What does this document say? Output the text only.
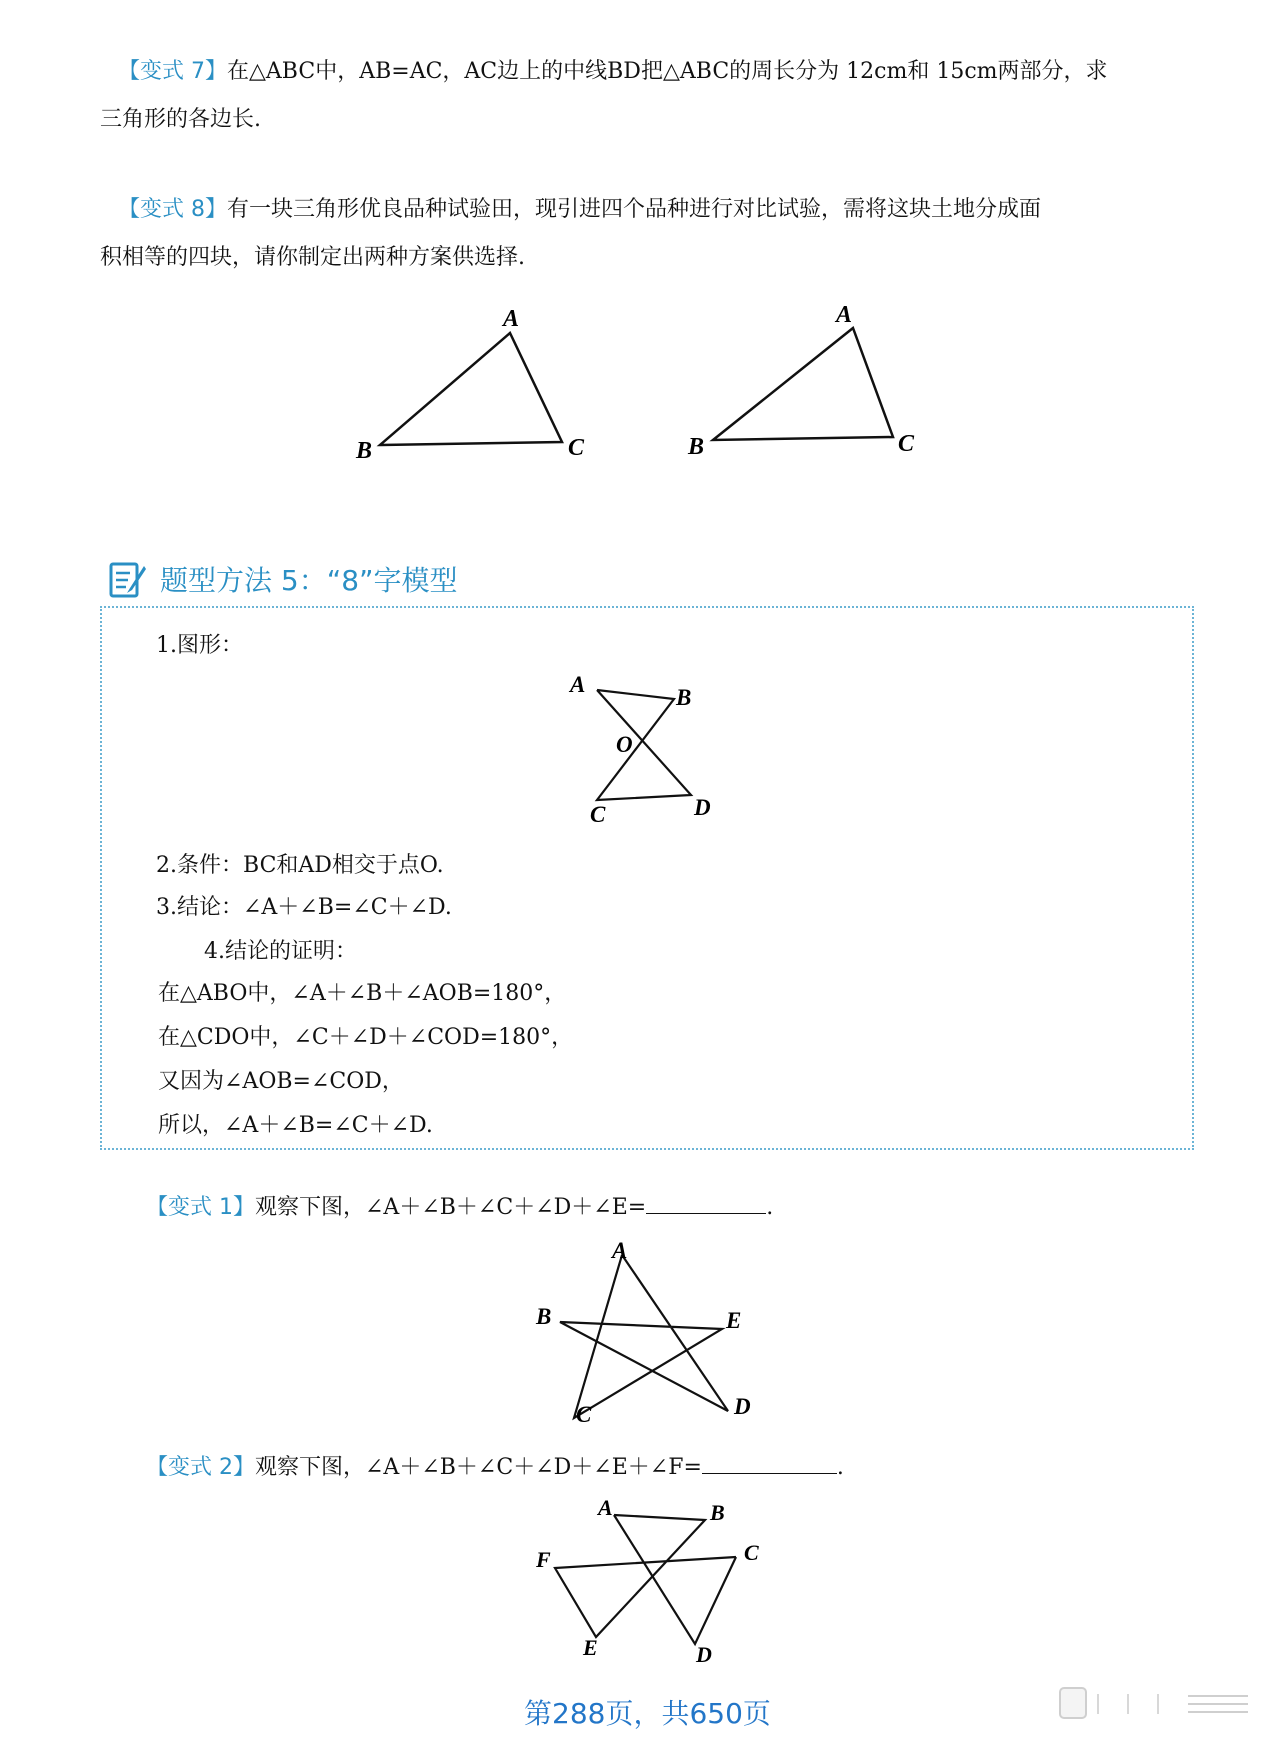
【变式 7】在△ABC中，AB=AC，AC边上的中线BD把△ABC的周长分为 12cm和 15cm两部分，求
三角形的各边长.
【变式 8】有一块三角形优良品种试验田，现引进四个品种进行对比试验，需将这块土地分成面
积相等的四块，请你制定出两种方案供选择.
A
B	C
A
B	C
题型方法 5：“8”字模型
1.图形：
A
B
O
C	D
2.条件：BC和AD相交于点O.
3.结论：∠A＋∠B=∠C＋∠D.
4.结论的证明：
在△ABO中，∠A＋∠B＋∠AOB=180°，
在△CDO中，∠C＋∠D＋∠COD=180°，
又因为∠AOB=∠COD，
所以，∠A＋∠B=∠C＋∠D.
【变式 1】观察下图，∠A＋∠B＋∠C＋∠D＋∠E=	.
A
B
C	D
E
【变式 2】观察下图，∠A＋∠B＋∠C＋∠D＋∠E＋∠F=	.
A	B
C
D
E
F
第288页，共650页
